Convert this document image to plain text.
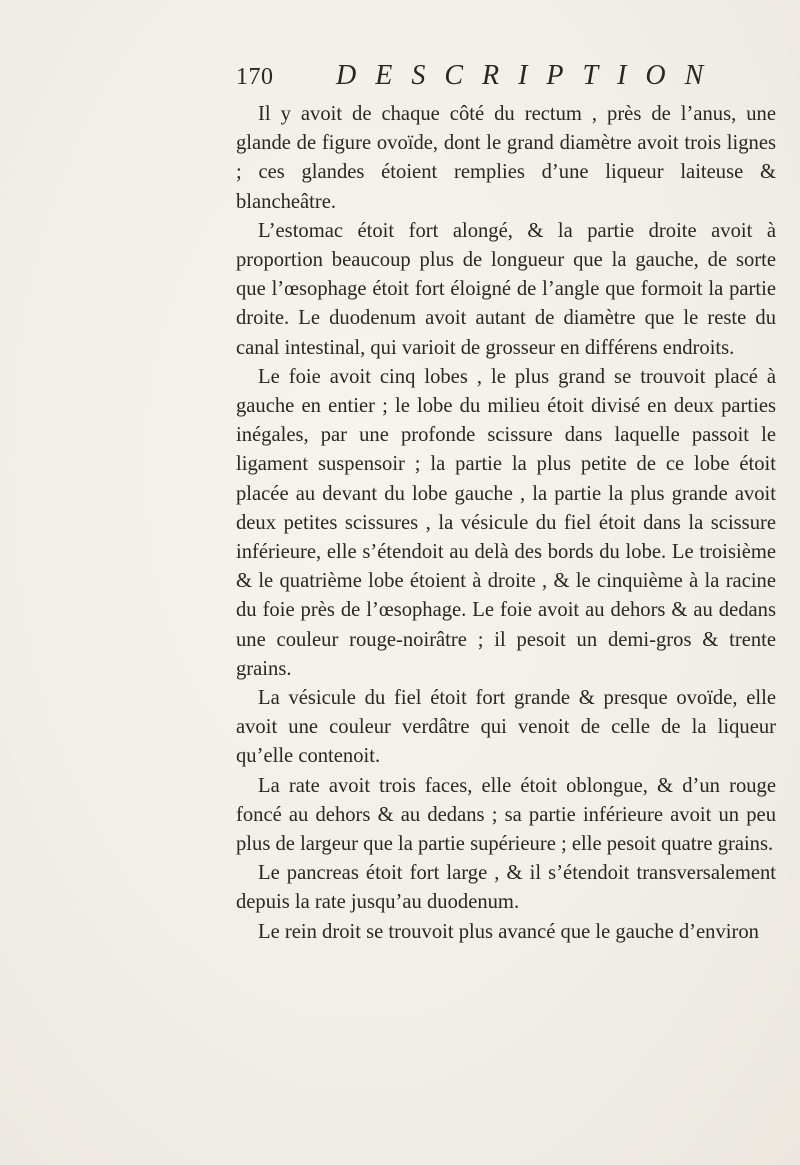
170 DESCRIPTION

Il y avoit de chaque côté du rectum , près de l’anus, une glande de figure ovoïde, dont le grand diamètre avoit trois lignes ; ces glandes étoient remplies d’une liqueur laiteuse & blancheâtre.

L’estomac étoit fort alongé, & la partie droite avoit à proportion beaucoup plus de longueur que la gauche, de sorte que l’œsophage étoit fort éloigné de l’angle que formoit la partie droite. Le duodenum avoit autant de diamètre que le reste du canal intestinal, qui varioit de grosseur en différens endroits.

Le foie avoit cinq lobes , le plus grand se trouvoit placé à gauche en entier ; le lobe du milieu étoit divisé en deux parties inégales, par une profonde scissure dans laquelle passoit le ligament suspensoir ; la partie la plus petite de ce lobe étoit placée au devant du lobe gauche , la partie la plus grande avoit deux petites scissures , la vésicule du fiel étoit dans la scissure inférieure, elle s’étendoit au delà des bords du lobe. Le troisième & le quatrième lobe étoient à droite , & le cinquième à la racine du foie près de l’œsophage. Le foie avoit au dehors & au dedans une couleur rouge-noirâtre ; il pesoit un demi-gros & trente grains.

La vésicule du fiel étoit fort grande & presque ovoïde, elle avoit une couleur verdâtre qui venoit de celle de la liqueur qu’elle contenoit.

La rate avoit trois faces, elle étoit oblongue, & d’un rouge foncé au dehors & au dedans ; sa partie inférieure avoit un peu plus de largeur que la partie supérieure ; elle pesoit quatre grains.

Le pancreas étoit fort large , & il s’étendoit transversalement depuis la rate jusqu’au duodenum.

Le rein droit se trouvoit plus avancé que le gauche d’environ
